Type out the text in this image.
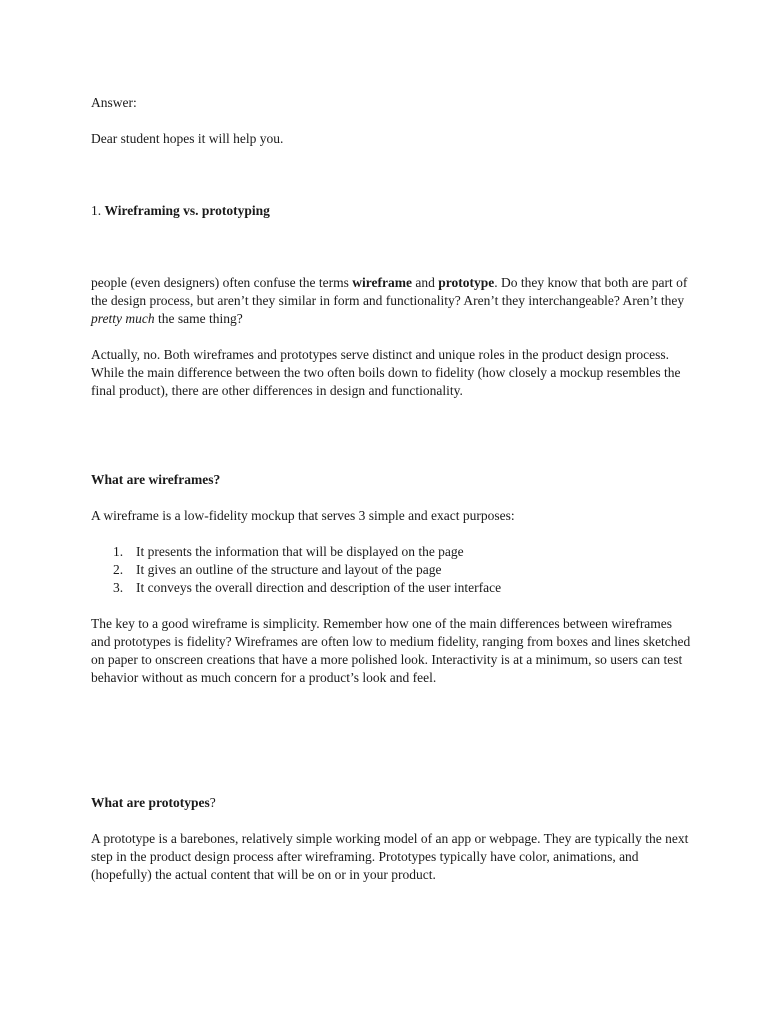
Answer:

Dear student hopes it will help you.

1. Wireframing vs. prototyping

people (even designers) often confuse the terms wireframe and prototype. Do they know that both are part of the design process, but aren’t they similar in form and functionality? Aren’t they interchangeable? Aren’t they pretty much the same thing?

Actually, no. Both wireframes and prototypes serve distinct and unique roles in the product design process. While the main difference between the two often boils down to fidelity (how closely a mockup resembles the final product), there are other differences in design and functionality.

What are wireframes?

A wireframe is a low-fidelity mockup that serves 3 simple and exact purposes:

1. It presents the information that will be displayed on the page
2. It gives an outline of the structure and layout of the page
3. It conveys the overall direction and description of the user interface

The key to a good wireframe is simplicity. Remember how one of the main differences between wireframes and prototypes is fidelity? Wireframes are often low to medium fidelity, ranging from boxes and lines sketched on paper to onscreen creations that have a more polished look. Interactivity is at a minimum, so users can test behavior without as much concern for a product’s look and feel.

What are prototypes?

A prototype is a barebones, relatively simple working model of an app or webpage. They are typically the next step in the product design process after wireframing. Prototypes typically have color, animations, and (hopefully) the actual content that will be on or in your product.
